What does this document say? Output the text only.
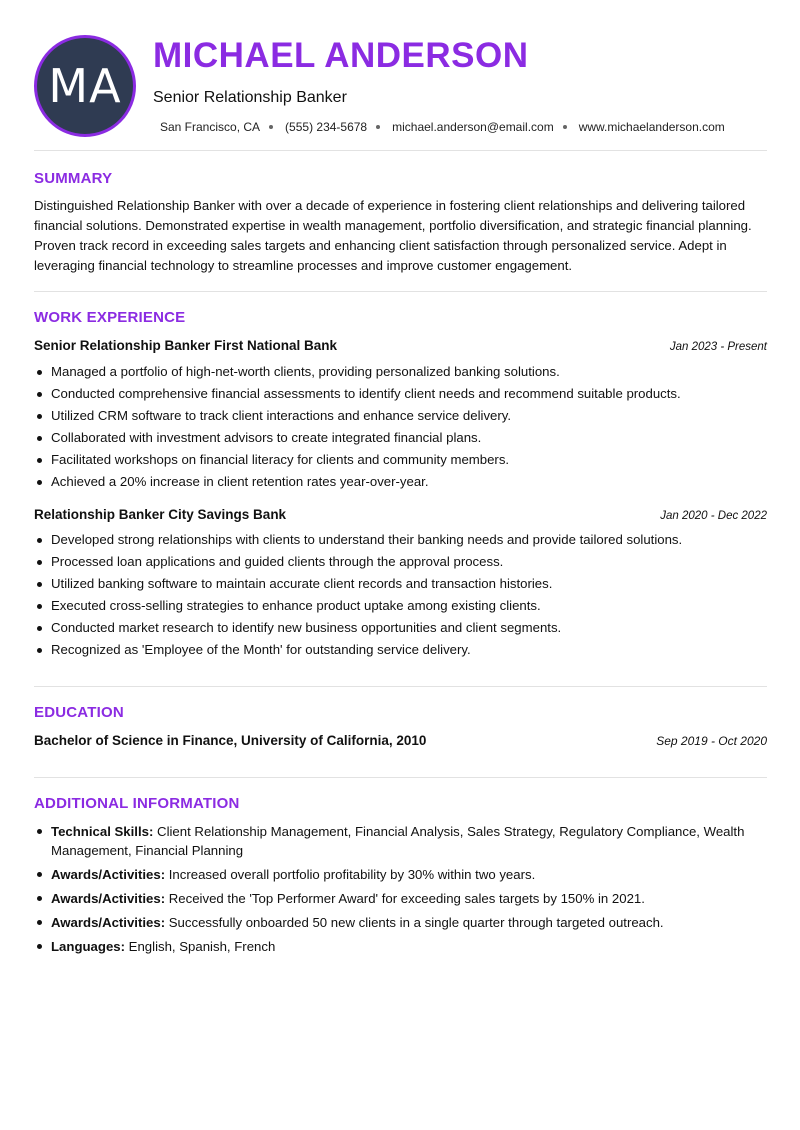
MA
MICHAEL ANDERSON
Senior Relationship Banker
San Francisco, CA (555) 234-5678 michael.anderson@email.com www.michaelanderson.com
SUMMARY
Distinguished Relationship Banker with over a decade of experience in fostering client relationships and delivering tailored financial solutions. Demonstrated expertise in wealth management, portfolio diversification, and strategic financial planning. Proven track record in exceeding sales targets and enhancing client satisfaction through personalized service. Adept in leveraging financial technology to streamline processes and improve customer engagement.
WORK EXPERIENCE
Senior Relationship Banker First National Bank	Jan 2023 - Present
Managed a portfolio of high-net-worth clients, providing personalized banking solutions.
Conducted comprehensive financial assessments to identify client needs and recommend suitable products.
Utilized CRM software to track client interactions and enhance service delivery.
Collaborated with investment advisors to create integrated financial plans.
Facilitated workshops on financial literacy for clients and community members.
Achieved a 20% increase in client retention rates year-over-year.
Relationship Banker City Savings Bank	Jan 2020 - Dec 2022
Developed strong relationships with clients to understand their banking needs and provide tailored solutions.
Processed loan applications and guided clients through the approval process.
Utilized banking software to maintain accurate client records and transaction histories.
Executed cross-selling strategies to enhance product uptake among existing clients.
Conducted market research to identify new business opportunities and client segments.
Recognized as 'Employee of the Month' for outstanding service delivery.
EDUCATION
Bachelor of Science in Finance, University of California, 2010	Sep 2019 - Oct 2020
ADDITIONAL INFORMATION
Technical Skills: Client Relationship Management, Financial Analysis, Sales Strategy, Regulatory Compliance, Wealth Management, Financial Planning
Awards/Activities: Increased overall portfolio profitability by 30% within two years.
Awards/Activities: Received the 'Top Performer Award' for exceeding sales targets by 150% in 2021.
Awards/Activities: Successfully onboarded 50 new clients in a single quarter through targeted outreach.
Languages: English, Spanish, French
